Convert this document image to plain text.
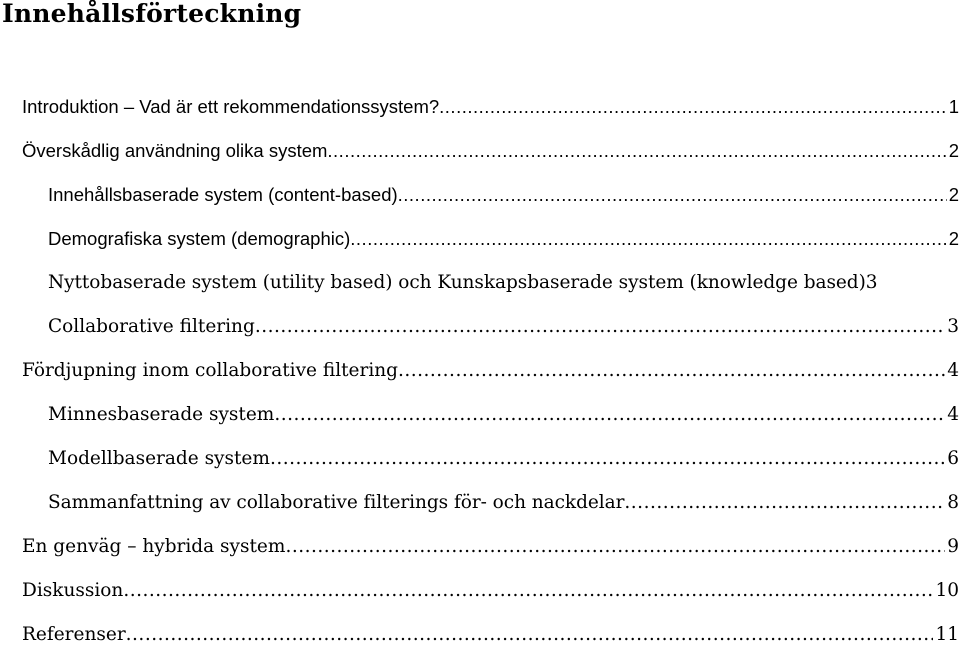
Innehållsförteckning
Introduktion – Vad är ett rekommendationssystem? .....	1
Överskådlig användning olika system .....	2
Innehållsbaserade system (content-based) .....	2
Demografiska system (demographic) .....	2
Nyttobaserade system (utility based) och Kunskapsbaserade system (knowledge based) 3
Collaborative filtering .....	3
Fördjupning inom collaborative filtering .....	4
Minnesbaserade system .....	4
Modellbaserade system .....	6
Sammanfattning av collaborative filterings för- och nackdelar .....	8
En genväg – hybrida system .....	9
Diskussion .....	10
Referenser .....	11
